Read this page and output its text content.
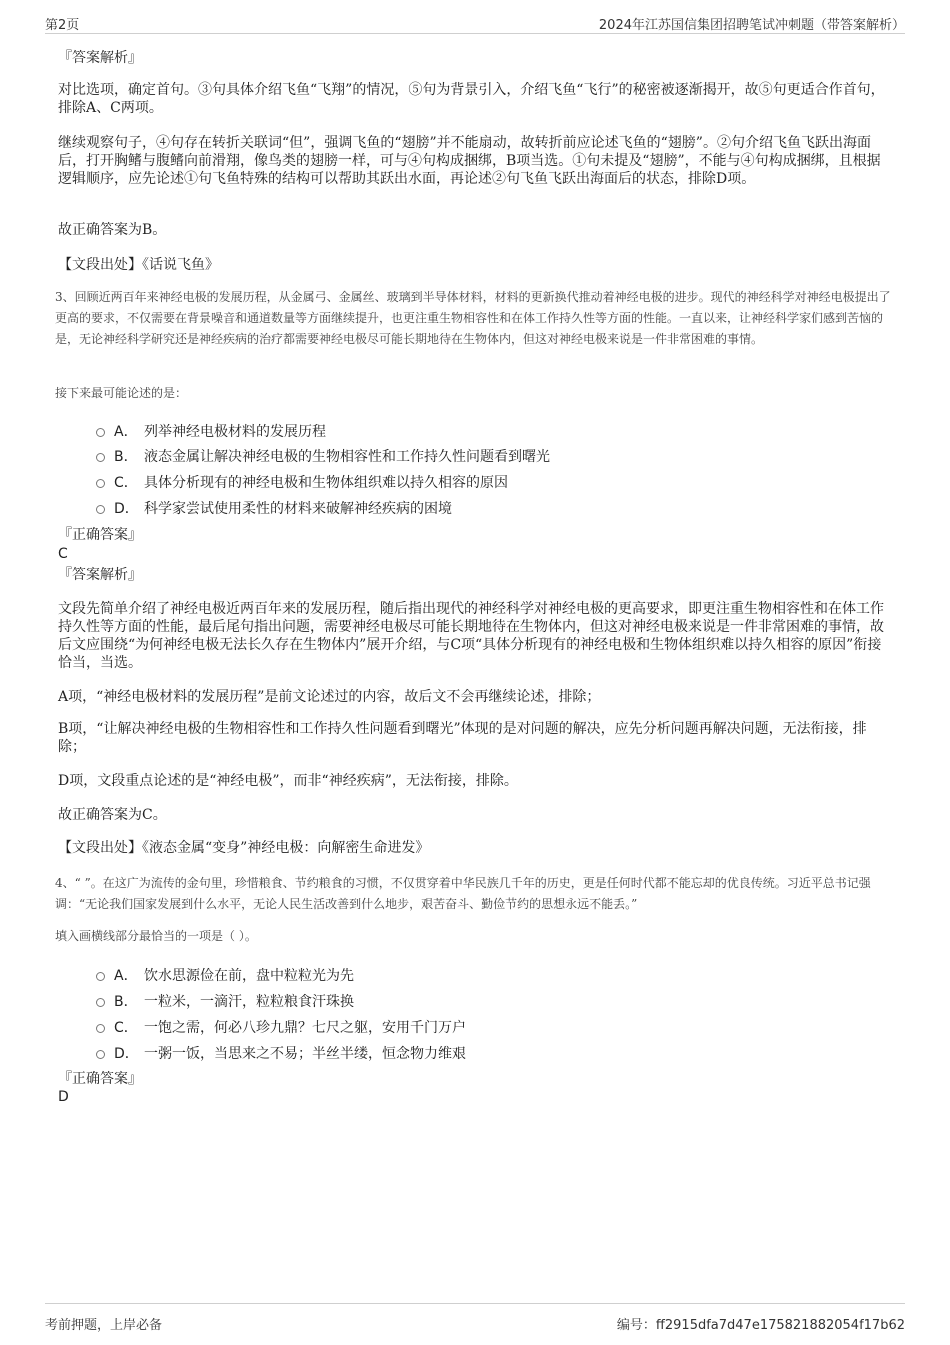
第2页	2024年江苏国信集团招聘笔试冲刺题（带答案解析）
『答案解析』
对比选项，确定首句。③句具体介绍飞鱼“飞翔”的情况，⑤句为背景引入，介绍飞鱼“飞行”的秘密被逐渐揭开，故⑤句更适合作首句，排除A、C两项。
继续观察句子，④句存在转折关联词“但”，强调飞鱼的“翅膀”并不能扇动，故转折前应论述飞鱼的“翅膀”。②句介绍飞鱼飞跃出海面后，打开胸鳍与腹鳍向前滑翔，像鸟类的翅膀一样，可与④句构成捆绑，B项当选。①句未提及“翅膀”，不能与④句构成捆绑，且根据逻辑顺序，应先论述①句飞鱼特殊的结构可以帮助其跃出水面，再论述②句飞鱼飞跃出海面后的状态，排除D项。
故正确答案为B。
【文段出处】《话说飞鱼》
3、回顾近两百年来神经电极的发展历程，从金属弓、金属丝、玻璃到半导体材料，材料的更新换代推动着神经电极的进步。现代的神经科学对神经电极提出了更高的要求，不仅需要在背景噪音和通道数量等方面继续提升，也更注重生物相容性和在体工作持久性等方面的性能。一直以来，让神经科学家们感到苦恼的是，无论神经科学研究还是神经疾病的治疗都需要神经电极尽可能长期地待在生物体内，但这对神经电极来说是一件非常困难的事情。
接下来最可能论述的是：
A． 列举神经电极材料的发展历程
B． 液态金属让解决神经电极的生物相容性和工作持久性问题看到曙光
C． 具体分析现有的神经电极和生物体组织难以持久相容的原因
D． 科学家尝试使用柔性的材料来破解神经疾病的困境
『正确答案』
C
『答案解析』
文段先简单介绍了神经电极近两百年来的发展历程，随后指出现代的神经科学对神经电极的更高要求，即更注重生物相容性和在体工作持久性等方面的性能，最后尾句指出问题，需要神经电极尽可能长期地待在生物体内，但这对神经电极来说是一件非常困难的事情，故后文应围绕“为何神经电极无法长久存在生物体内”展开介绍，与C项“具体分析现有的神经电极和生物体组织难以持久相容的原因”衔接恰当，当选。
A项，“神经电极材料的发展历程”是前文论述过的内容，故后文不会再继续论述，排除；
B项，“让解决神经电极的生物相容性和工作持久性问题看到曙光”体现的是对问题的解决，应先分析问题再解决问题，无法衔接，排除；
D项，文段重点论述的是“神经电极”，而非“神经疾病”，无法衔接，排除。
故正确答案为C。
【文段出处】《液态金属“变身”神经电极：向解密生命进发》
4、“ ”。在这广为流传的金句里，珍惜粮食、节约粮食的习惯，不仅贯穿着中华民族几千年的历史，更是任何时代都不能忘却的优良传统。习近平总书记强调：“无论我们国家发展到什么水平，无论人民生活改善到什么地步，艰苦奋斗、勤俭节约的思想永远不能丢。”
填入画横线部分最恰当的一项是（ ）。
A． 饮水思源俭在前，盘中粒粒光为先
B． 一粒米，一滴汗，粒粒粮食汗珠换
C． 一饱之需，何必八珍九鼎？七尺之躯，安用千门万户
D． 一粥一饭，当思来之不易；半丝半缕，恒念物力维艰
『正确答案』
D
考前押题，上岸必备	编号：ff2915dfa7d47e175821882054f17b62
